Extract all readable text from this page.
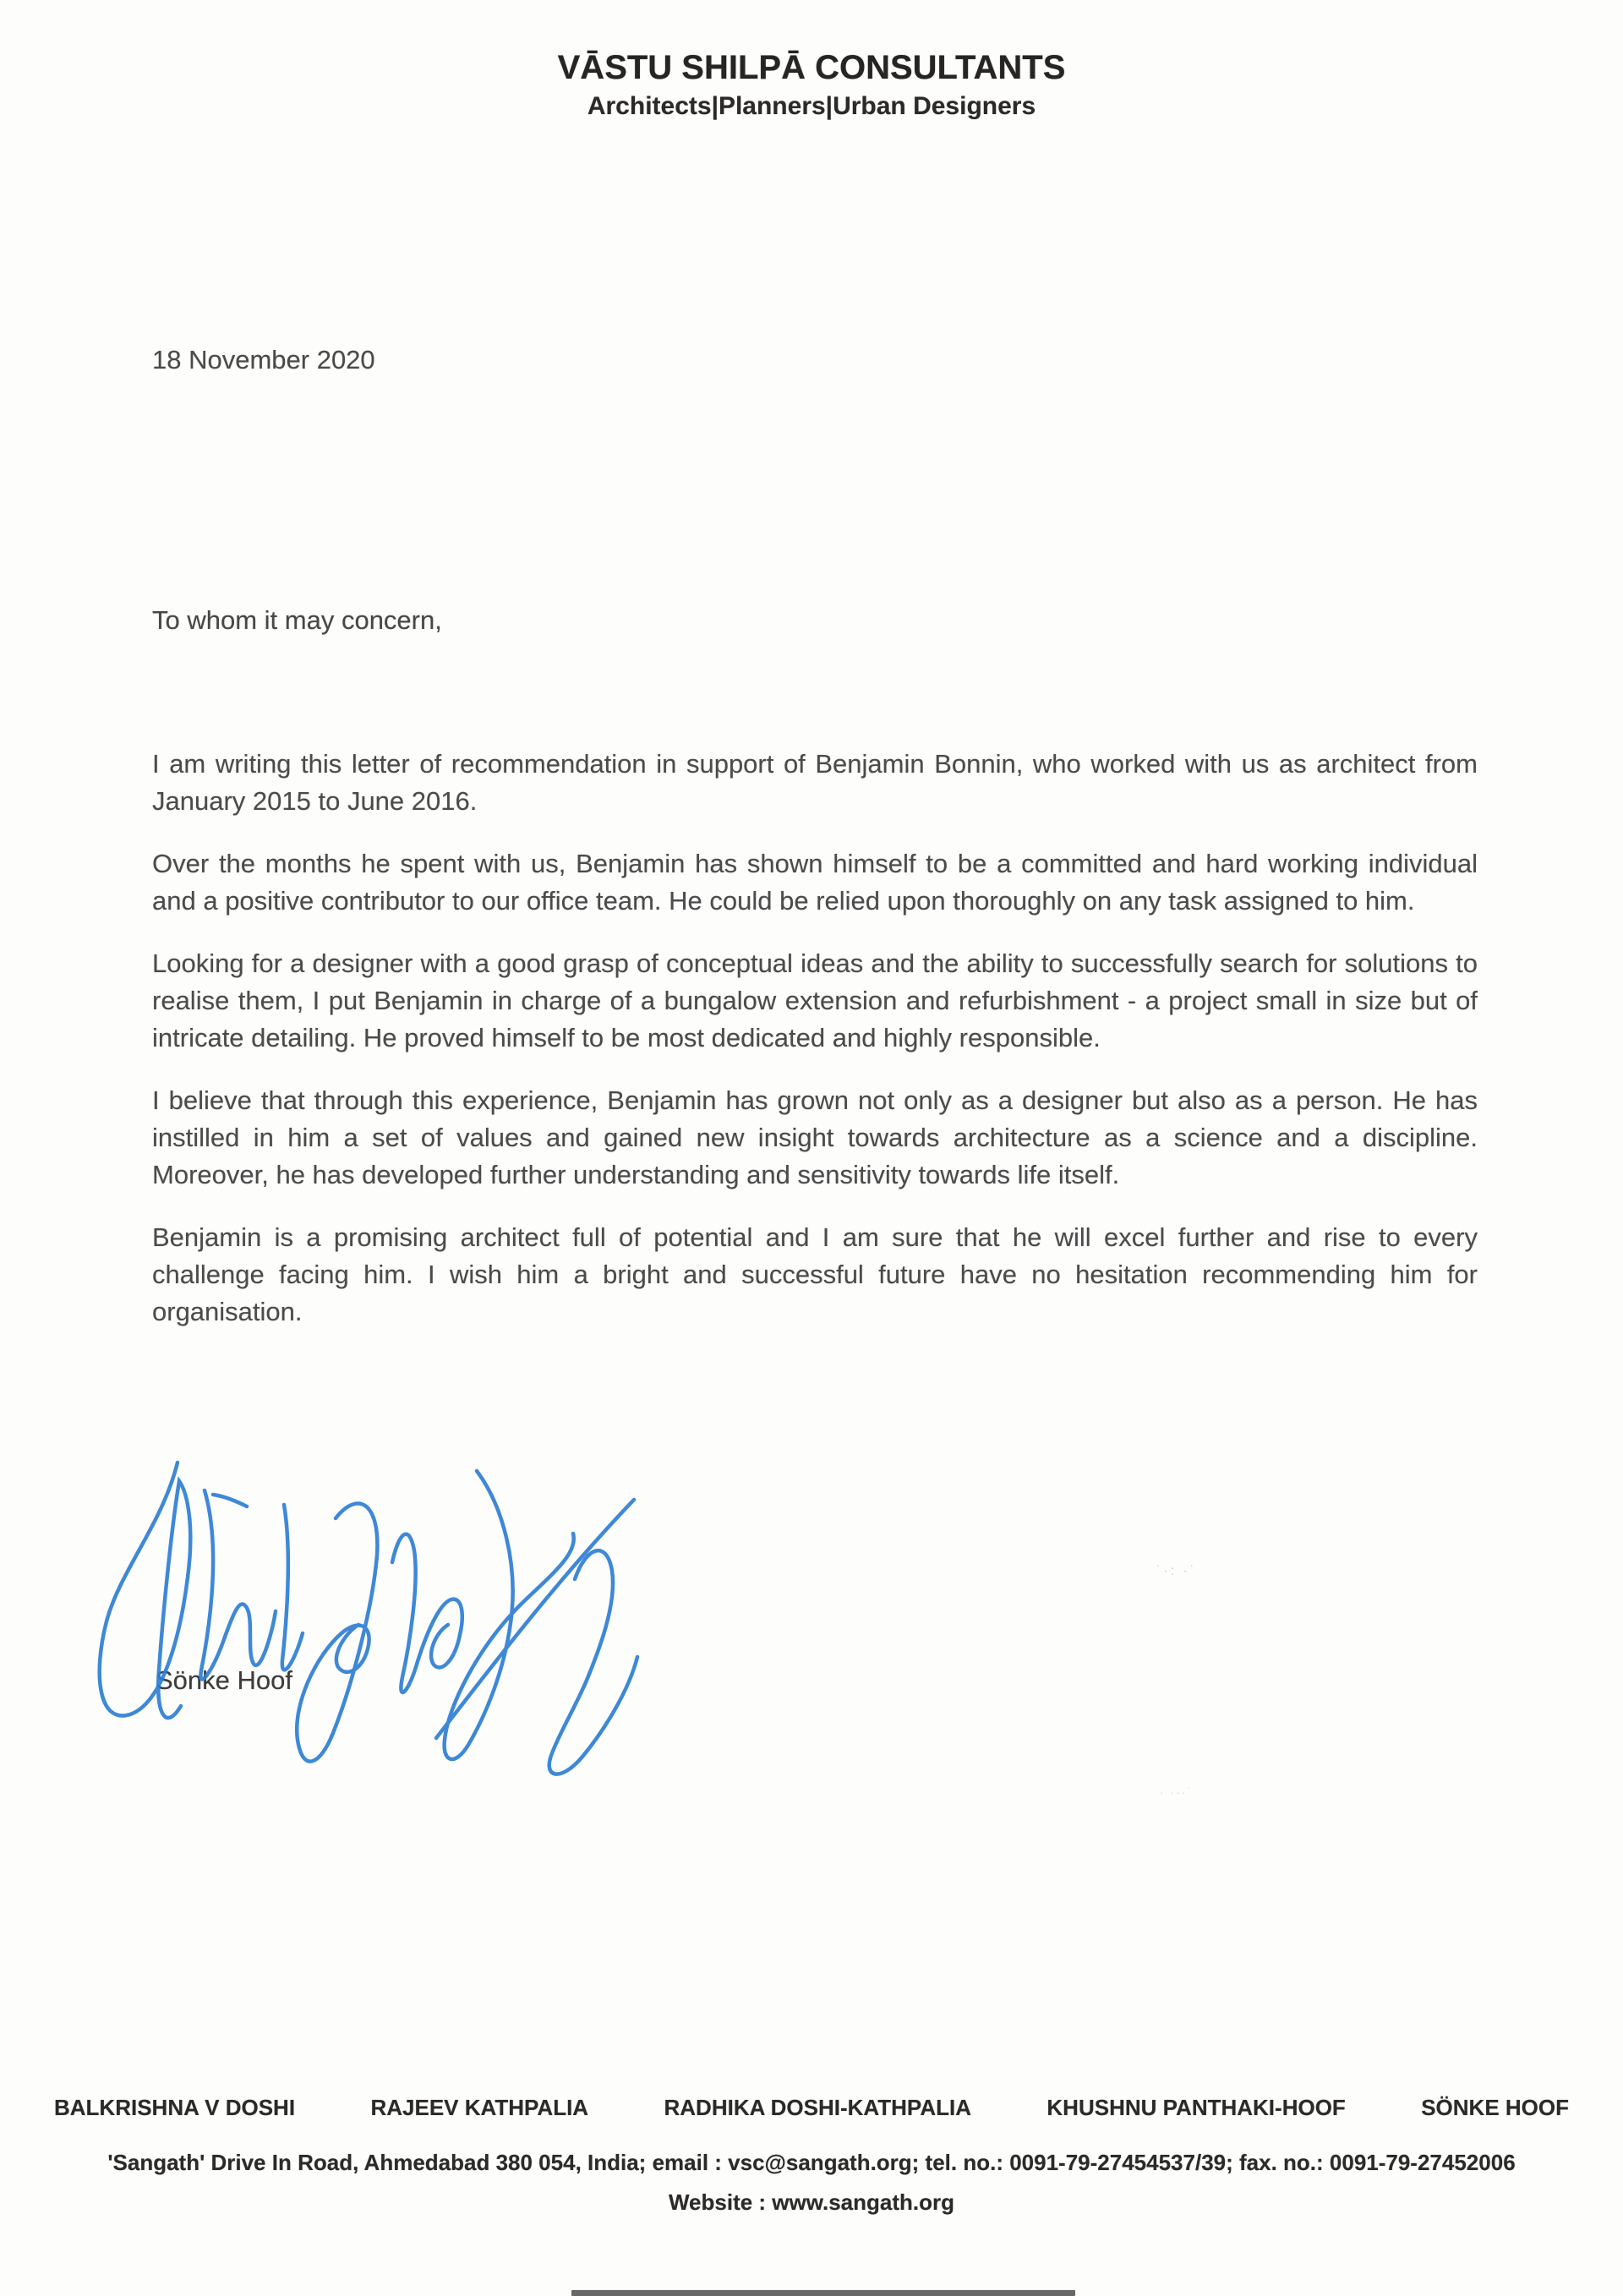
VĀSTU SHILPĀ CONSULTANTS
Architects|Planners|Urban Designers
18 November 2020
To whom it may concern,

I am writing this letter of recommendation in support of Benjamin Bonnin, who worked with us as architect from January 2015 to June 2016.

Over the months he spent with us, Benjamin has shown himself to be a committed and hard working individual and a positive contributor to our office team. He could be relied upon thoroughly on any task assigned to him.

Looking for a designer with a good grasp of conceptual ideas and the ability to successfully search for solutions to realise them, I put Benjamin in charge of a bungalow extension and refurbishment - a project small in size but of intricate detailing. He proved himself to be most dedicated and highly responsible.

I believe that through this experience, Benjamin has grown not only as a designer but also as a person. He has instilled in him a set of values and gained new insight towards architecture as a science and a discipline. Moreover, he has developed further understanding and sensitivity towards life itself.

Benjamin is a promising architect full of potential and I am sure that he will excel further and rise to every challenge facing him. I wish him a bright and successful future have no hesitation recommending him for organisation.

Sönke Hoof
˙·: ·˙
· ···˙
BALKRISHNA V DOSHI	RAJEEV KATHPALIA	RADHIKA DOSHI-KATHPALIA	KHUSHNU PANTHAKI-HOOF	SÖNKE HOOF
'Sangath' Drive In Road, Ahmedabad 380 054, India; email : vsc@sangath.org; tel. no.: 0091-79-27454537/39; fax. no.: 0091-79-27452006
Website : www.sangath.org
